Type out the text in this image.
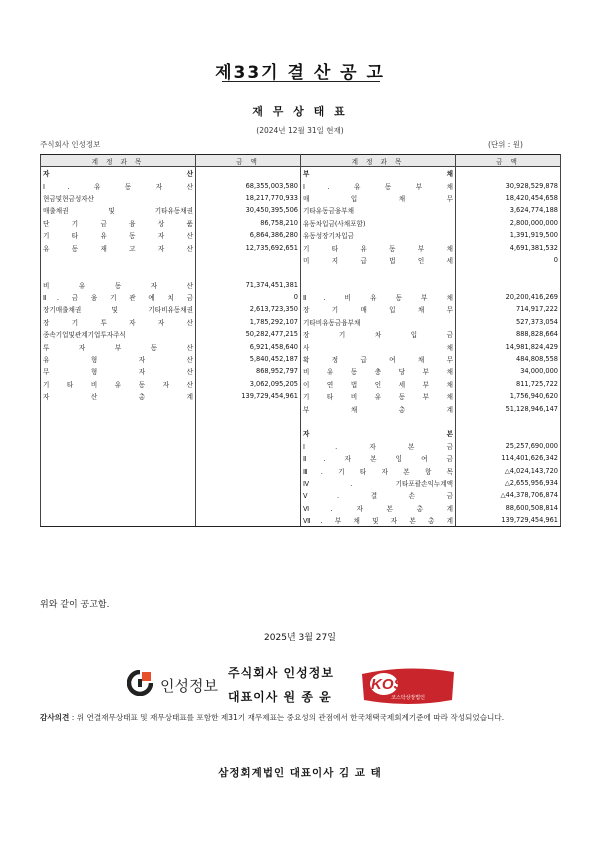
제33기 결 산 공 고
재 무 상 태 표
(2024년 12월 31일 현재)
주식회사 인성정보	(단위 : 원)
계 정 과 목	금 액	계 정 과 목	금 액
자 산		부 채	
Ⅰ. 유 동 자 산	68,355,003,580	Ⅰ. 유 동 부 채	30,928,529,878
현금및현금성자산	18,217,770,933	매 입 채 무	18,420,454,658
매출채권 및 기타유동채권	30,450,395,506	기타유동금융부채	3,624,774,188
단 기 금 융 상 품	86,758,210	유동차입금(사채포함)	2,800,000,000
기 타 유 동 자 산	6,864,386,280	유동성장기차입금	1,391,919,500
유 동 재 고 자 산	12,735,692,651	기 타 유 동 부 채	4,691,381,532
		미 지 급 법 인 세	0

비 유 동 자 산	71,374,451,381		
Ⅱ. 금 융 기 관 예 치 금	0	Ⅱ. 비 유 동 부 채	20,200,416,269
장기매출채권 및 기타비유동채권	2,613,723,350	장 기 매 입 채 무	714,917,222
장 기 투 자 자 산	1,785,292,107	기타비유동금융부채	527,373,054
종속기업및관계기업투자주식	50,282,477,215	장 기 차 입 금	888,828,664
투 자 부 동 산	6,921,458,640	사 채	14,981,824,429
유 형 자 산	5,840,452,187	확 정 급 여 채 무	484,808,558
무 형 자 산	868,952,797	비 유 동 충 당 부 채	34,000,000
기 타 비 유 동 자 산	3,062,095,205	이 연 법 인 세 부 채	811,725,722
자 산 총 계	139,729,454,961	기 타 비 유 동 부 채	1,756,940,620
		부 채 총 계	51,128,946,147

		자 본	
		Ⅰ. 자 본 금	25,257,690,000
		Ⅱ. 자 본 잉 여 금	114,401,626,342
		Ⅲ. 기 타 자 본 항 목	△4,024,143,720
		Ⅳ. 기타포괄손익누계액	△2,655,956,934
		Ⅴ. 결 손 금	△44,378,706,874
		Ⅵ. 자 본 총 계	88,600,508,814
		Ⅶ. 부 채 및 자 본 총 계	139,729,454,961
위와 같이 공고함.
2025년 3월 27일
인성정보
주식회사 인성정보
대표이사 원 종 윤
KOSDAQ
코스닥상장법인
감사의견 : 위 연결재무상태표 및 재무상태표를 포함한 제31기 재무제표는 중요성의 관점에서 한국채택국제회계기준에 따라 작성되었습니다.
삼정회계법인 대표이사 김 교 태
